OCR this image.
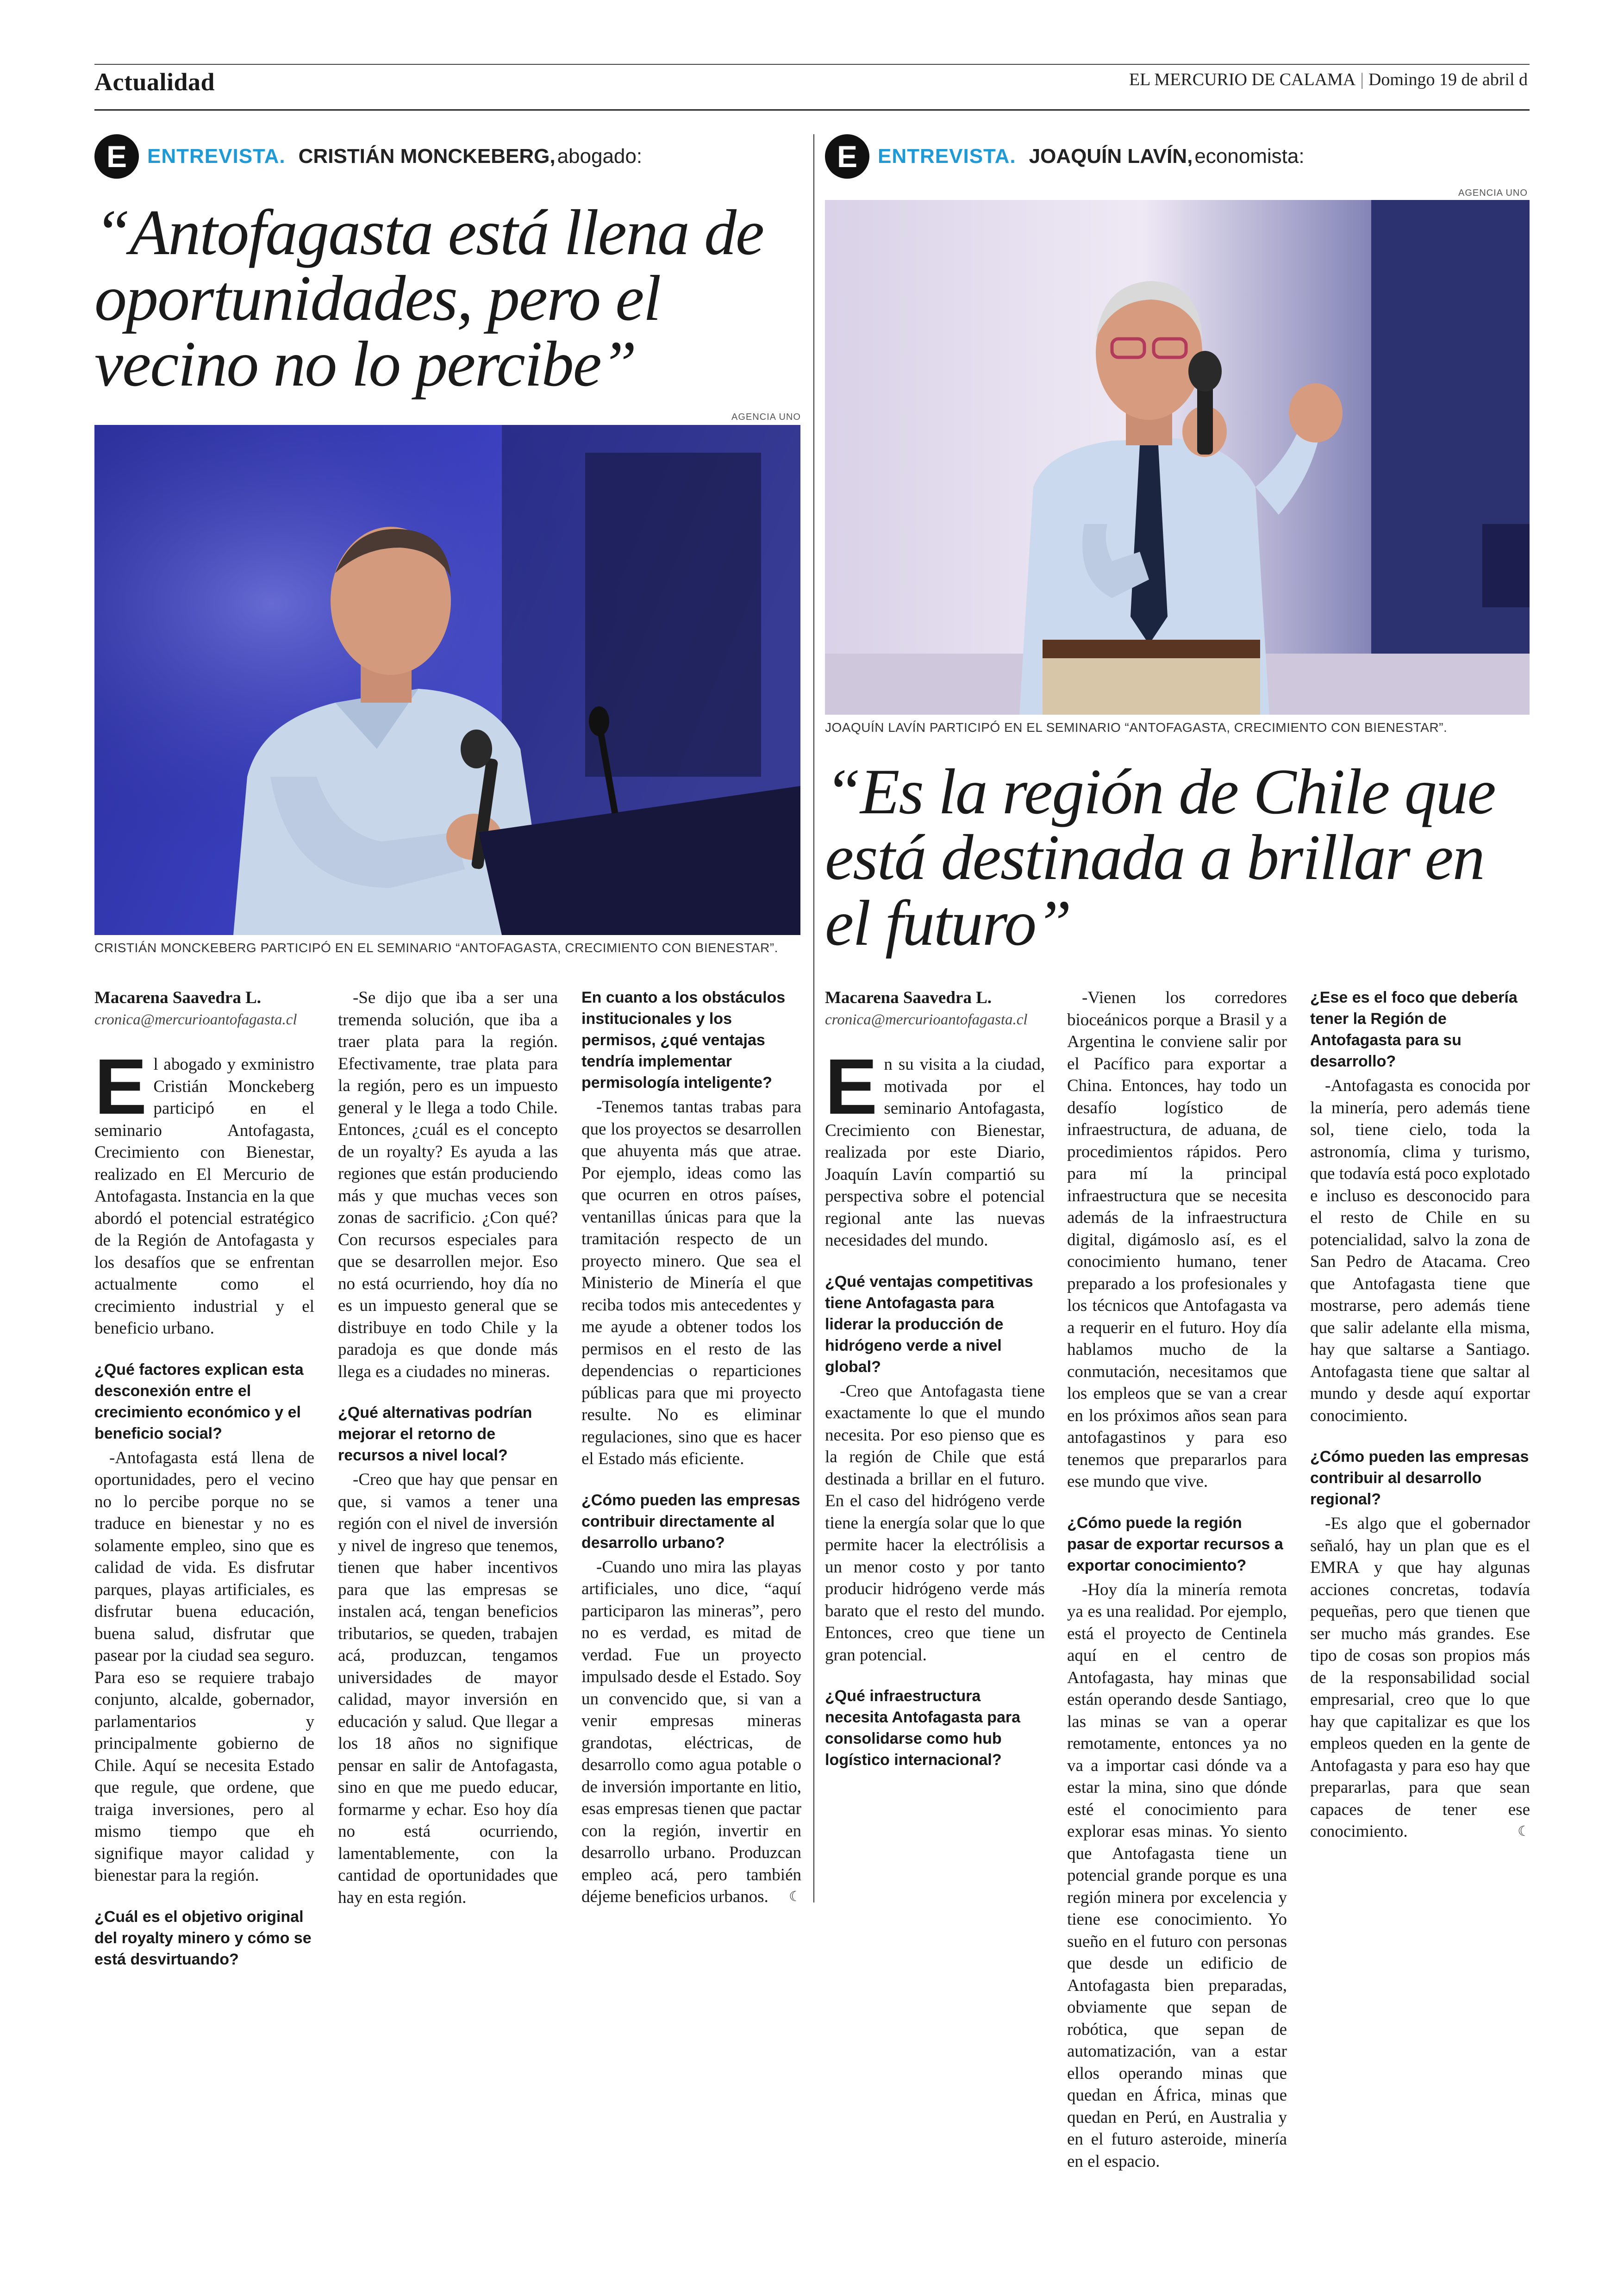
Actualidad	EL MERCURIO DE CALAMA | Domingo 19 de abril d
E ENTREVISTA. CRISTIÁN MONCKEBERG,
abogado:
“Antofagasta está llena de oportunidades, pero el vecino no lo percibe”
AGENCIA UNO
CRISTIÁN MONCKEBERG PARTICIPÓ EN EL SEMINARIO “ANTOFAGASTA, CRECIMIENTO CON BIENESTAR”.
Macarena Saavedra L.
cronica@mercurioantofagasta.cl

El abogado y exministro Cristián Monckeberg participó en el seminario Antofagasta, Crecimiento con Bienestar, realizado en El Mercurio de Antofagasta. Instancia en la que abordó el potencial estratégico de la Región de Antofagasta y los desafíos que se enfrentan actualmente como el crecimiento industrial y el beneficio urbano.

¿Qué factores explican esta desconexión entre el crecimiento económico y el beneficio social?

-Antofagasta está llena de oportunidades, pero el vecino no lo percibe porque no se traduce en bienestar y no es solamente empleo, sino que es calidad de vida. Es disfrutar parques, playas artificiales, es disfrutar buena educación, buena salud, disfrutar que pasear por la ciudad sea seguro. Para eso se requiere trabajo conjunto, alcalde, gobernador, parlamentarios y principalmente gobierno de Chile. Aquí se necesita Estado que regule, que ordene, que traiga inversiones, pero al mismo tiempo que eh signifique mayor calidad y bienestar para la región.

¿Cuál es el objetivo original del royalty minero y cómo se está desvirtuando?

-Se dijo que iba a ser una tremenda solución, que iba a traer plata para la región. Efectivamente, trae plata para la región, pero es un impuesto general y le llega a todo Chile. Entonces, ¿cuál es el concepto de un royalty? Es ayuda a las regiones que están produciendo más y que muchas veces son zonas de sacrificio. ¿Con qué? Con recursos especiales para que se desarrollen mejor. Eso no está ocurriendo, hoy día no es un impuesto general que se distribuye en todo Chile y la paradoja es que donde más llega es a ciudades no mineras.

¿Qué alternativas podrían mejorar el retorno de recursos a nivel local?

-Creo que hay que pensar en que, si vamos a tener una región con el nivel de inversión y nivel de ingreso que tenemos, tienen que haber incentivos para que las empresas se instalen acá, tengan beneficios tributarios, se queden, trabajen acá, produzcan, tengamos universidades de mayor calidad, mayor inversión en educación y salud. Que llegar a los 18 años no signifique pensar en salir de Antofagasta, sino en que me puedo educar, formarme y echar. Eso hoy día no está ocurriendo, lamentablemente, con la cantidad de oportunidades que hay en esta región.

En cuanto a los obstáculos institucionales y los permisos, ¿qué ventajas tendría implementar permisología inteligente?

-Tenemos tantas trabas para que los proyectos se desarrollen que ahuyenta más que atrae. Por ejemplo, ideas como las que ocurren en otros países, ventanillas únicas para que la tramitación respecto de un proyecto minero. Que sea el Ministerio de Minería el que reciba todos mis antecedentes y me ayude a obtener todos los permisos en el resto de las dependencias o reparticiones públicas para que mi proyecto resulte. No es eliminar regulaciones, sino que es hacer el Estado más eficiente.

¿Cómo pueden las empresas contribuir directamente al desarrollo urbano?

-Cuando uno mira las playas artificiales, uno dice, “aquí participaron las mineras”, pero no es verdad, es mitad de verdad. Fue un proyecto impulsado desde el Estado. Soy un convencido que, si van a venir empresas mineras grandotas, eléctricas, de desarrollo como agua potable o de inversión importante en litio, esas empresas tienen que pactar con la región, invertir en desarrollo urbano. Produzcan empleo acá, pero también déjeme beneficios urbanos.	☾

E ENTREVISTA. JOAQUÍN LAVÍN,
economista:
AGENCIA UNO
JOAQUÍN LAVÍN PARTICIPÓ EN EL SEMINARIO “ANTOFAGASTA, CRECIMIENTO CON BIENESTAR”.
“Es la región de Chile que está destinada a brillar en el futuro”
Macarena Saavedra L.
cronica@mercurioantofagasta.cl

En su visita a la ciudad, motivada por el seminario Antofagasta, Crecimiento con Bienestar, realizada por este Diario, Joaquín Lavín compartió su perspectiva sobre el potencial regional ante las nuevas necesidades del mundo.

¿Qué ventajas competitivas tiene Antofagasta para liderar la producción de hidrógeno verde a nivel global?

-Creo que Antofagasta tiene exactamente lo que el mundo necesita. Por eso pienso que es la región de Chile que está destinada a brillar en el futuro. En el caso del hidrógeno verde tiene la energía solar que lo que permite hacer la electrólisis a un menor costo y por tanto producir hidrógeno verde más barato que el resto del mundo. Entonces, creo que tiene un gran potencial.

¿Qué infraestructura necesita Antofagasta para consolidarse como hub logístico internacional?

-Vienen los corredores bioceánicos porque a Brasil y a Argentina le conviene salir por el Pacífico para exportar a China. Entonces, hay todo un desafío logístico de infraestructura, de aduana, de procedimientos rápidos. Pero para mí la principal infraestructura que se necesita además de la infraestructura digital, digámoslo así, es el conocimiento humano, tener preparado a los profesionales y los técnicos que Antofagasta va a requerir en el futuro. Hoy día hablamos mucho de la conmutación, necesitamos que los empleos que se van a crear en los próximos años sean para antofagastinos y para eso tenemos que prepararlos para ese mundo que vive.

¿Cómo puede la región pasar de exportar recursos a exportar conocimiento?

-Hoy día la minería remota ya es una realidad. Por ejemplo, está el proyecto de Centinela aquí en el centro de Antofagasta, hay minas que están operando desde Santiago, las minas se van a operar remotamente, entonces ya no va a importar casi dónde va a estar la mina, sino que dónde esté el conocimiento para explorar esas minas. Yo siento que Antofagasta tiene un potencial grande porque es una región minera por excelencia y tiene ese conocimiento. Yo sueño en el futuro con personas que desde un edificio de Antofagasta bien preparadas, obviamente que sepan de robótica, que sepan de automatización, van a estar ellos operando minas que quedan en África, minas que quedan en Perú, en Australia y en el futuro asteroide, minería en el espacio.

¿Ese es el foco que debería tener la Región de Antofagasta para su desarrollo?

-Antofagasta es conocida por la minería, pero además tiene sol, tiene cielo, toda la astronomía, clima y turismo, que todavía está poco explotado e incluso es desconocido para el resto de Chile en su potencialidad, salvo la zona de San Pedro de Atacama. Creo que Antofagasta tiene que mostrarse, pero además tiene que salir adelante ella misma, hay que saltarse a Santiago. Antofagasta tiene que saltar al mundo y desde aquí exportar conocimiento.

¿Cómo pueden las empresas contribuir al desarrollo regional?

-Es algo que el gobernador señaló, hay un plan que es el EMRA y que hay algunas acciones concretas, todavía pequeñas, pero que tienen que ser mucho más grandes. Ese tipo de cosas son propios más de la responsabilidad social empresarial, creo que lo que hay que capitalizar es que los empleos queden en la gente de Antofagasta y para eso hay que prepararlas, para que sean capaces de tener ese conocimiento.	☾
